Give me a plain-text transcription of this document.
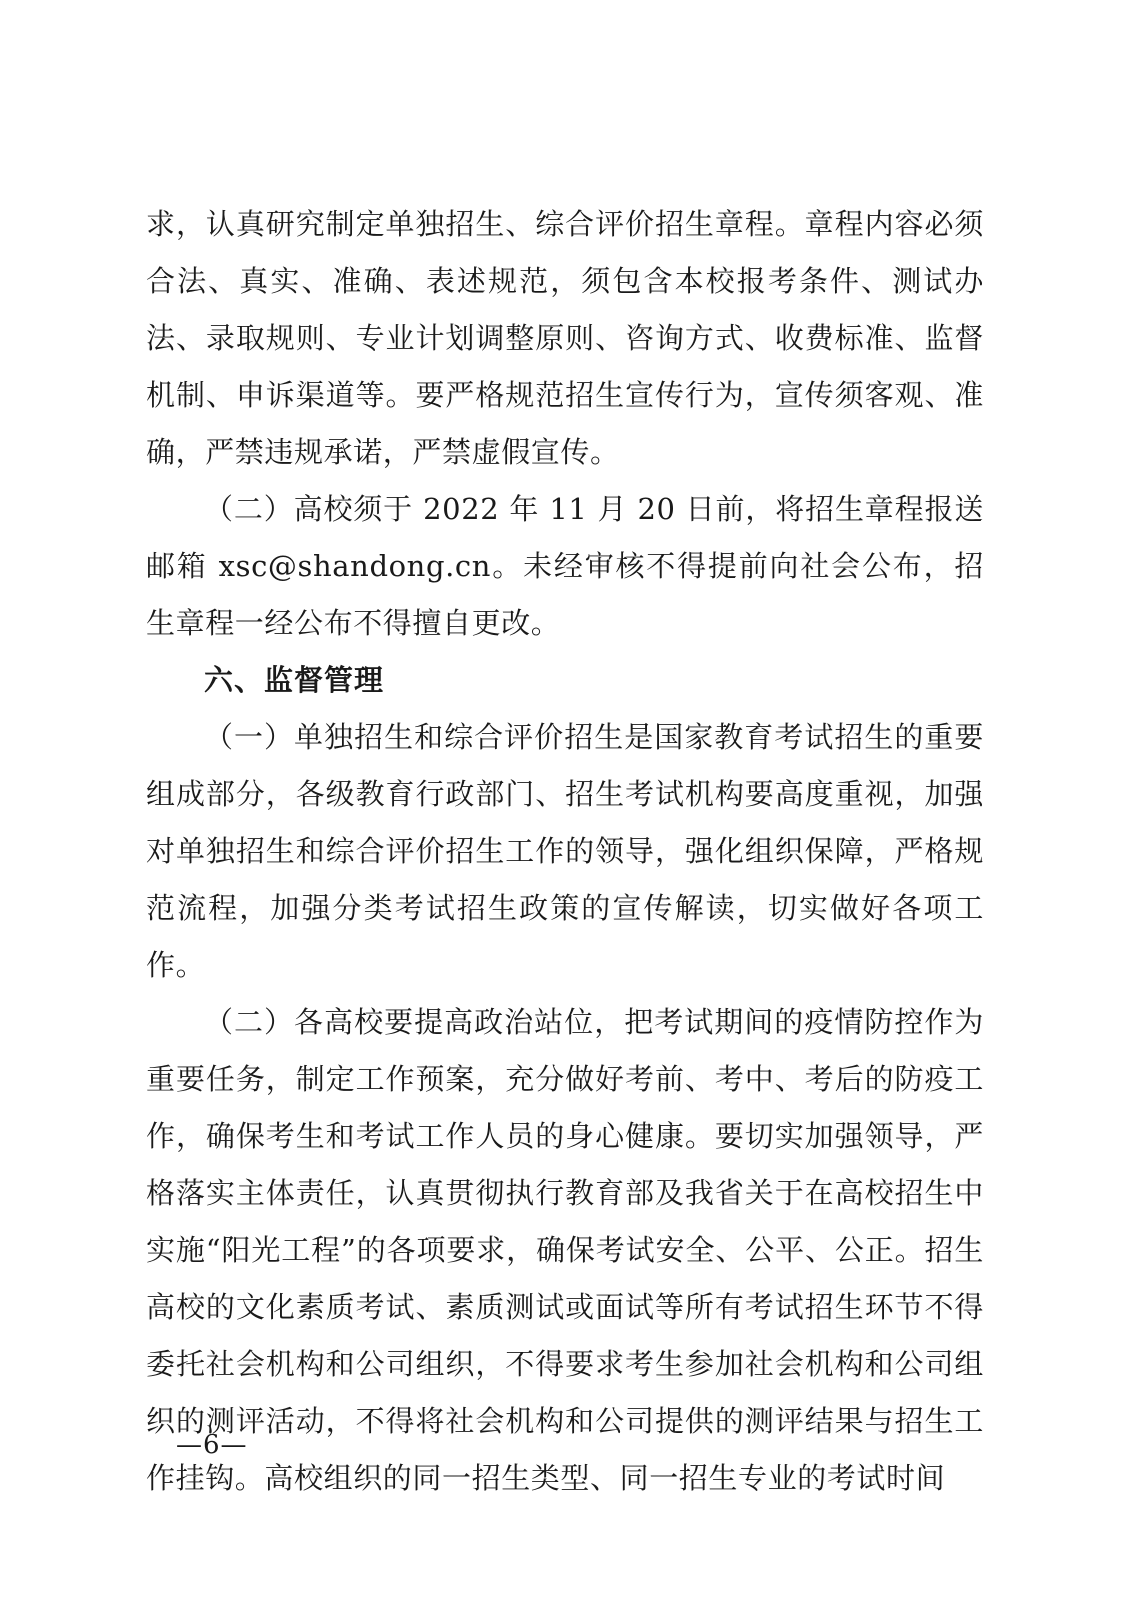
求，认真研究制定单独招生、综合评价招生章程。章程内容必须合法、真实、准确、表述规范，须包含本校报考条件、测试办法、录取规则、专业计划调整原则、咨询方式、收费标准、监督机制、申诉渠道等。要严格规范招生宣传行为，宣传须客观、准确，严禁违规承诺，严禁虚假宣传。

（二）高校须于 2022 年 11 月 20 日前，将招生章程报送邮箱 xsc@shandong.cn。未经审核不得提前向社会公布，招生章程一经公布不得擅自更改。

六、监督管理

（一）单独招生和综合评价招生是国家教育考试招生的重要组成部分，各级教育行政部门、招生考试机构要高度重视，加强对单独招生和综合评价招生工作的领导，强化组织保障，严格规范流程，加强分类考试招生政策的宣传解读，切实做好各项工作。

（二）各高校要提高政治站位，把考试期间的疫情防控作为重要任务，制定工作预案，充分做好考前、考中、考后的防疫工作，确保考生和考试工作人员的身心健康。要切实加强领导，严格落实主体责任，认真贯彻执行教育部及我省关于在高校招生中实施“阳光工程”的各项要求，确保考试安全、公平、公正。招生高校的文化素质考试、素质测试或面试等所有考试招生环节不得委托社会机构和公司组织，不得要求考生参加社会机构和公司组织的测评活动，不得将社会机构和公司提供的测评结果与招生工作挂钩。高校组织的同一招生类型、同一招生专业的考试时间

—6—
